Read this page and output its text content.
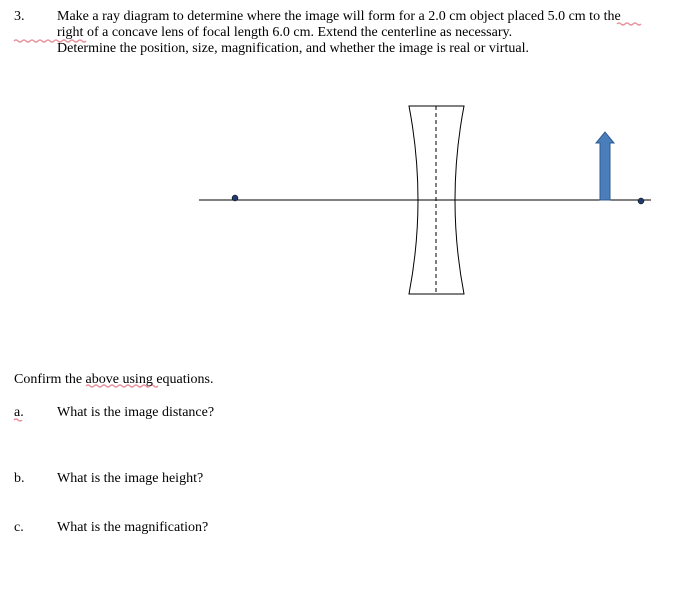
3. Make a ray diagram to determine where the image will form for a 2.0 cm object placed 5.0 cm to the
right of a concave lens of focal length 6.0 cm. Extend the centerline as necessary.
Determine the position, size, magnification, and whether the image is real or virtual.
Confirm the above using equations.
a. What is the image distance?
b. What is the image height?
c. What is the magnification?
